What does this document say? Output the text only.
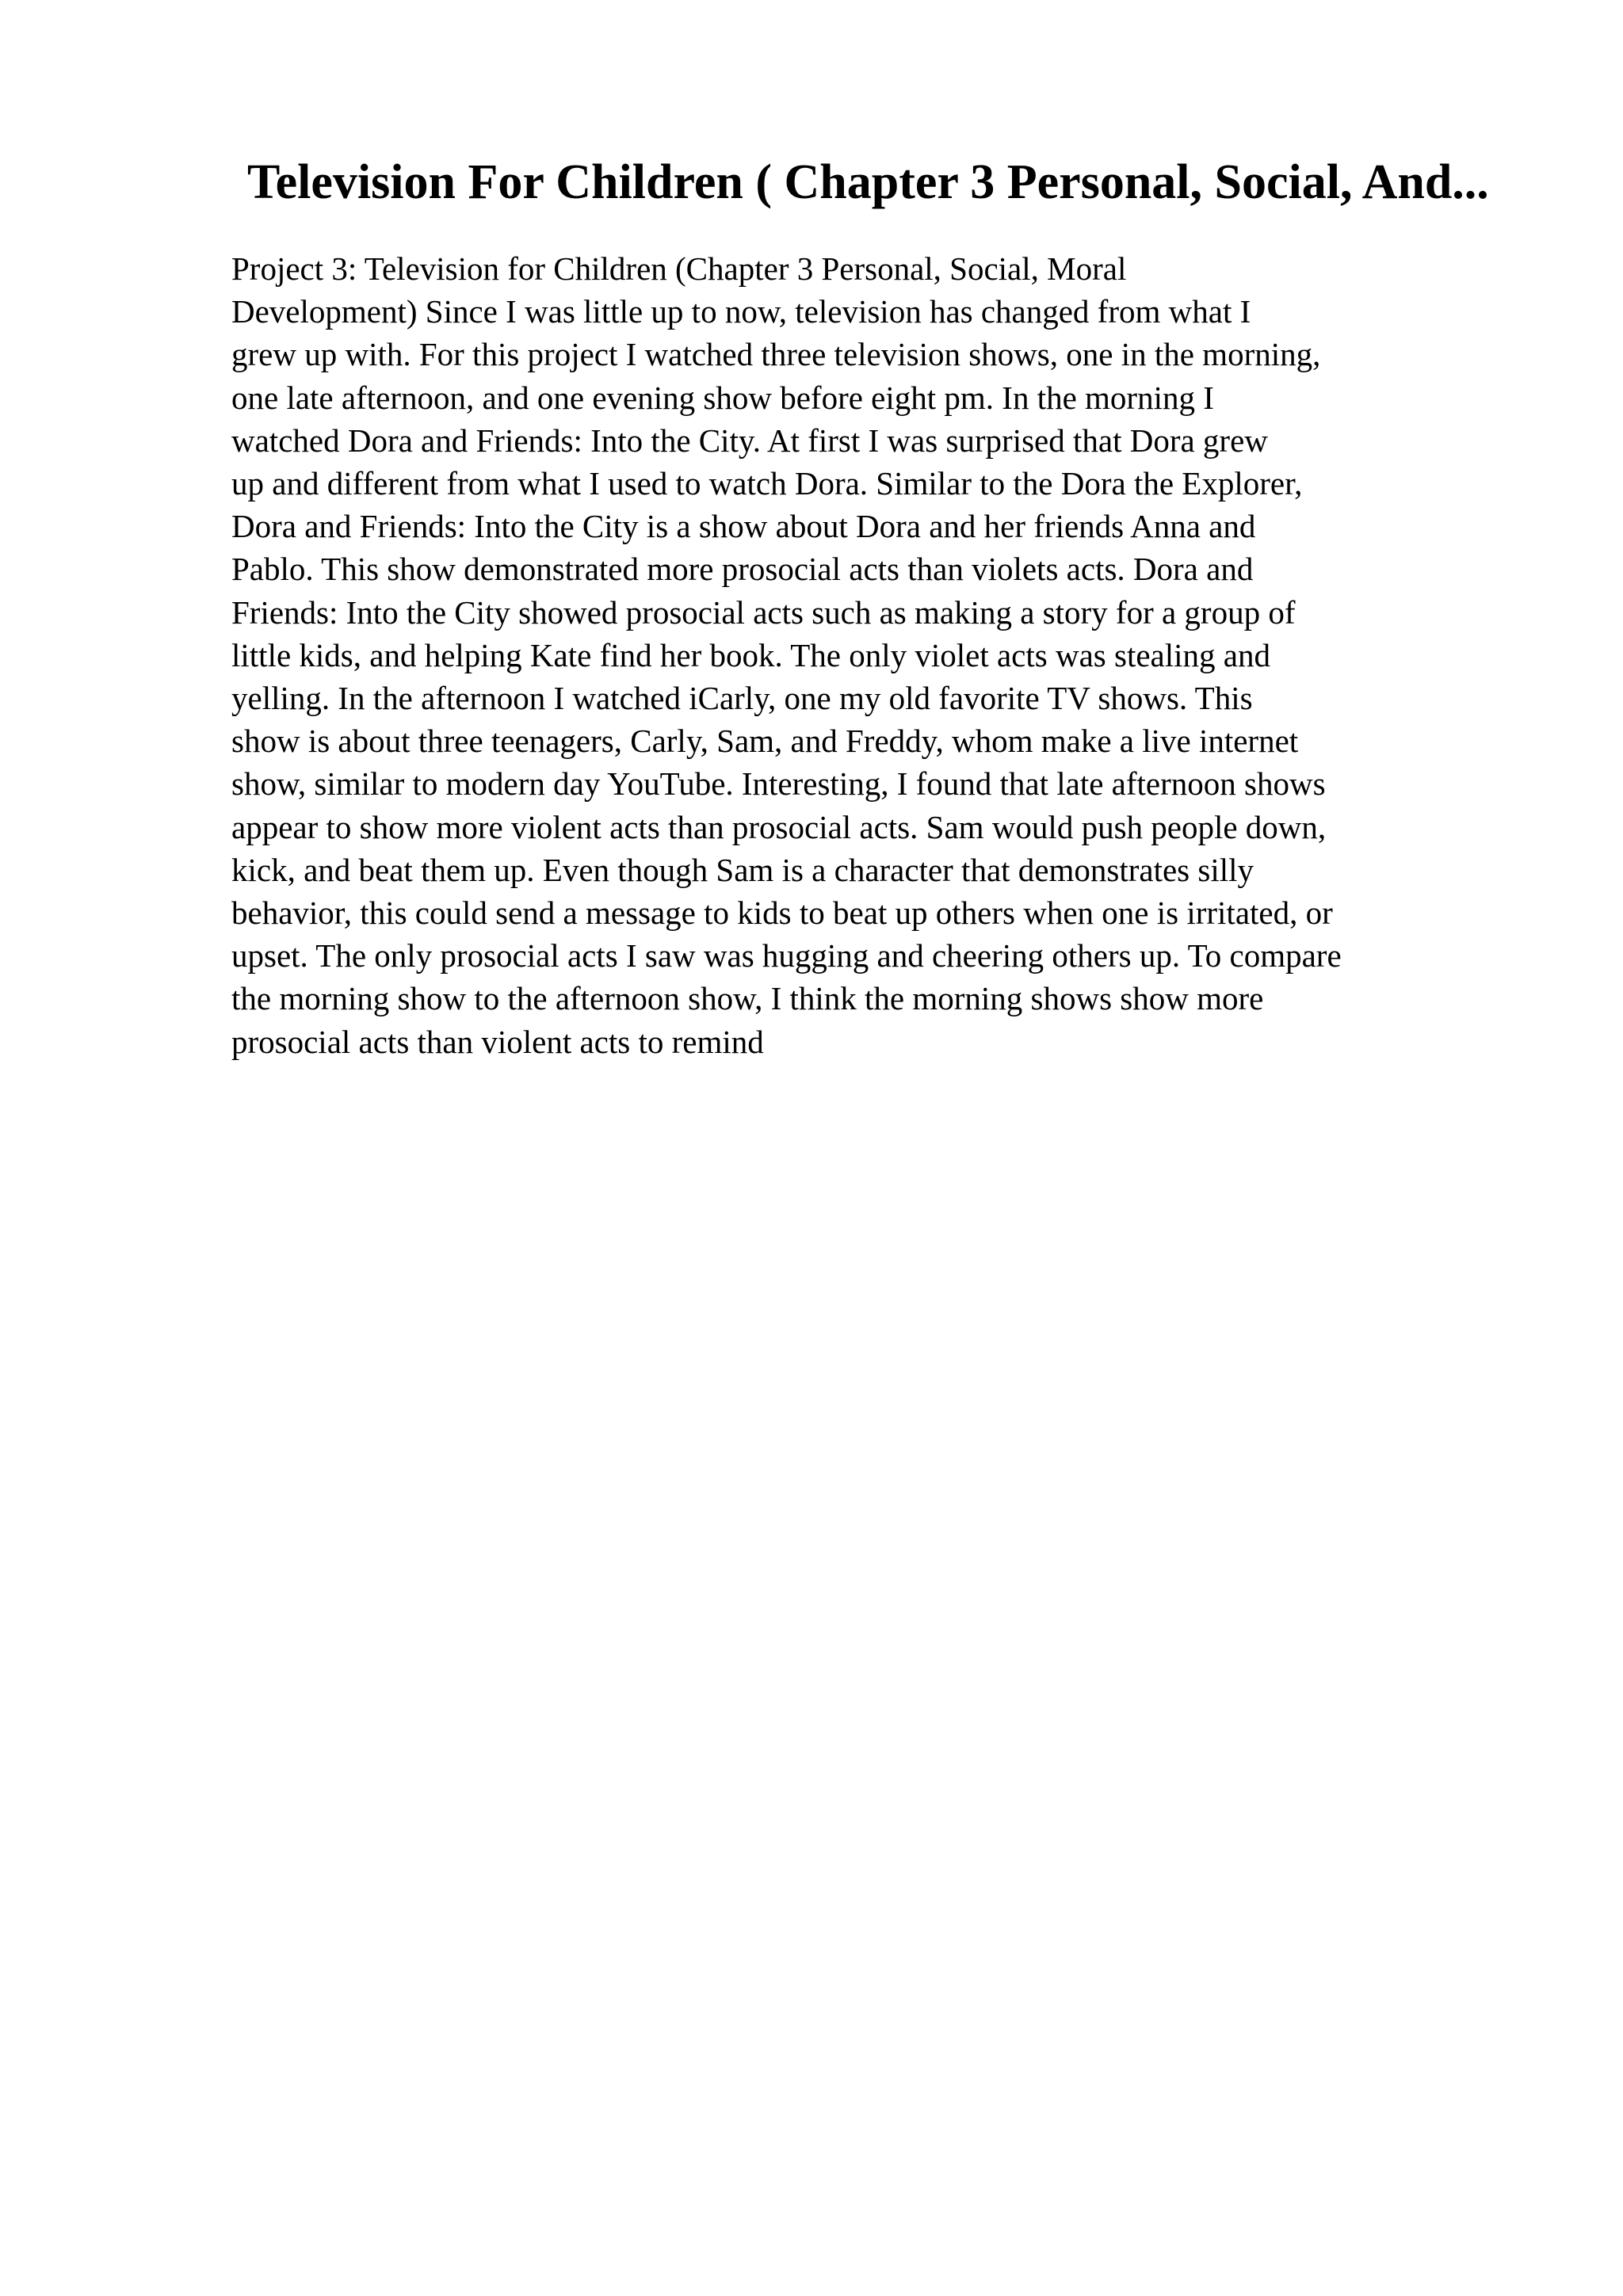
Television For Children ( Chapter 3 Personal, Social, And...
Project 3: Television for Children (Chapter 3 Personal, Social, Moral
Development) Since I was little up to now, television has changed from what I
grew up with. For this project I watched three television shows, one in the morning,
one late afternoon, and one evening show before eight pm. In the morning I
watched Dora and Friends: Into the City. At first I was surprised that Dora grew
up and different from what I used to watch Dora. Similar to the Dora the Explorer,
Dora and Friends: Into the City is a show about Dora and her friends Anna and
Pablo. This show demonstrated more prosocial acts than violets acts. Dora and
Friends: Into the City showed prosocial acts such as making a story for a group of
little kids, and helping Kate find her book. The only violet acts was stealing and
yelling. In the afternoon I watched iCarly, one my old favorite TV shows. This
show is about three teenagers, Carly, Sam, and Freddy, whom make a live internet
show, similar to modern day YouTube. Interesting, I found that late afternoon shows
appear to show more violent acts than prosocial acts. Sam would push people down,
kick, and beat them up. Even though Sam is a character that demonstrates silly
behavior, this could send a message to kids to beat up others when one is irritated, or
upset. The only prosocial acts I saw was hugging and cheering others up. To compare
the morning show to the afternoon show, I think the morning shows show more
prosocial acts than violent acts to remind
